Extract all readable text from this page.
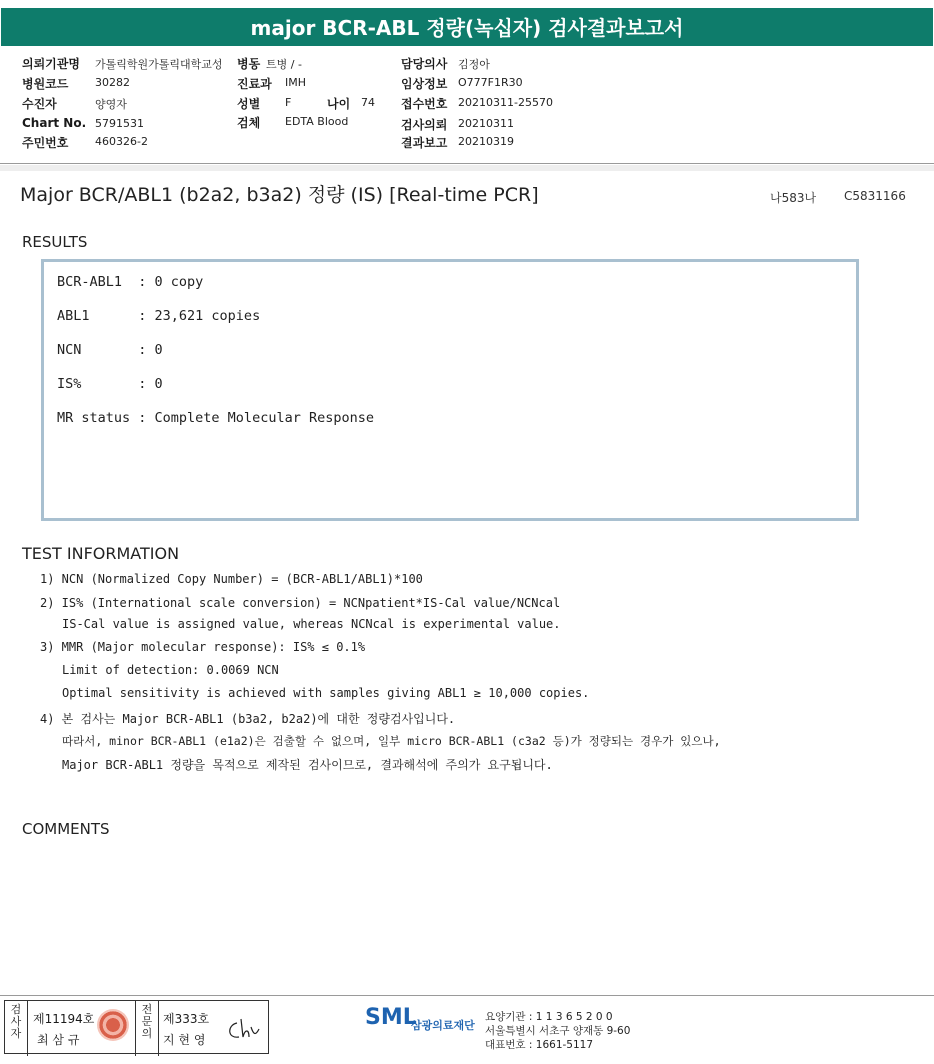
major BCR-ABL 정량(녹십자) 검사결과보고서
의뢰기관명 가톨릭학원가톨릭대학교성 병동 트병 / -	담당의사 김정아
병원코드 30282	진료과 IMH	임상정보 O777F1R30
수진자	양영자	성별 F	나이 74 접수번호 20210311-25570
Chart No. 5791531	검체 EDTA Blood	검사의뢰 20210311
주민번호 460326-2	결과보고 20210319
Major BCR/ABL1 (b2a2, b3a2) 정량 (IS) [Real-time PCR]	나583나 C5831166
RESULTS
BCR-ABL1  : 0 copy
ABL1      : 23,621 copies
NCN       : 0
IS%       : 0
MR status : Complete Molecular Response
TEST INFORMATION
1) NCN (Normalized Copy Number) = (BCR-ABL1/ABL1)*100
2) IS% (International scale conversion) = NCNpatient*IS-Cal value/NCNcal
IS-Cal value is assigned value, whereas NCNcal is experimental value.
3) MMR (Major molecular response): IS% ≤ 0.1%
Limit of detection: 0.0069 NCN
Optimal sensitivity is achieved with samples giving ABL1 ≥ 10,000 copies.
4) 본 검사는 Major BCR-ABL1 (b3a2, b2a2)에 대한 정량검사입니다.
따라서, minor BCR-ABL1 (e1a2)은 검출할 수 없으며, 일부 micro BCR-ABL1 (c3a2 등)가 정량되는 경우가 있으나,
Major BCR-ABL1 정량을 목적으로 제작된 검사이므로, 결과해석에 주의가 요구됩니다.
COMMENTS
검사자
제11194호
최 삼 규
전문의
제333호
지 현 영
SML
삼광의료재단
요양기관 : 1 1 3 6 5 2 0 0
서울특별시 서초구 양재동 9-60
대표번호 : 1661-5117
